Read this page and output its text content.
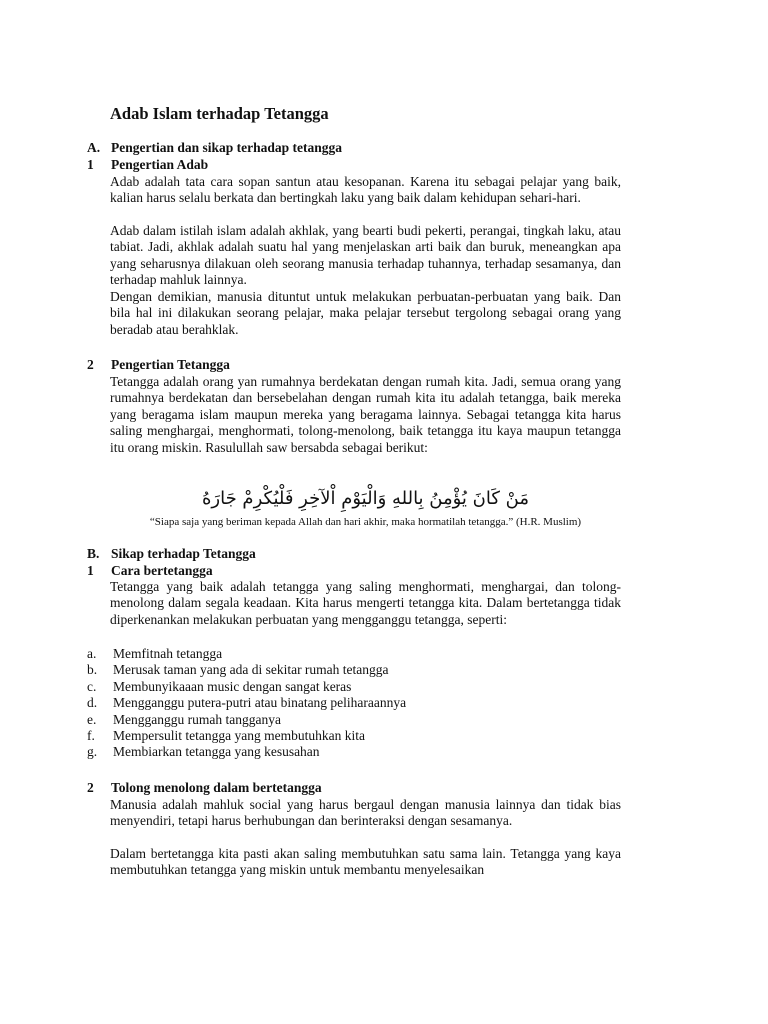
Adab Islam terhadap Tetangga
A. Pengertian dan sikap terhadap tetangga
1 Pengertian Adab

Adab adalah tata cara sopan santun atau kesopanan. Karena itu sebagai pelajar yang baik, kalian harus selalu berkata dan bertingkah laku yang baik dalam kehidupan sehari-hari.

Adab dalam istilah islam adalah akhlak, yang bearti budi pekerti, perangai, tingkah laku, atau tabiat. Jadi, akhlak adalah suatu hal yang menjelaskan arti baik dan buruk, meneangkan apa yang seharusnya dilakuan oleh seorang manusia terhadap tuhannya, terhadap sesamanya, dan terhadap mahluk lainnya.

Dengan demikian, manusia dituntut untuk melakukan perbuatan-perbuatan yang baik. Dan bila hal ini dilakukan seorang pelajar, maka pelajar tersebut tergolong sebagai orang yang beradab atau berahklak.

2 Pengertian Tetangga

Tetangga adalah orang yan rumahnya berdekatan dengan rumah kita. Jadi, semua orang yang rumahnya berdekatan dan bersebelahan dengan rumah kita itu adalah tetangga, baik mereka yang beragama islam maupun mereka yang beragama lainnya. Sebagai tetangga kita harus saling menghargai, menghormati, tolong-menolong, baik tetangga itu kaya maupun tetangga itu orang miskin. Rasulullah saw bersabda sebagai berikut:

مَنْ كَانَ يُؤْمِنُ بِاللهِ وَالْيَوْمِ اْلآخِرِ فَلْيُكْرِمْ جَارَهُ
“Siapa saja yang beriman kepada Allah dan hari akhir, maka hormatilah tetangga.” (H.R. Muslim)
B. Sikap terhadap Tetangga
1 Cara bertetangga

Tetangga yang baik adalah tetangga yang saling menghormati, menghargai, dan tolong-menolong dalam segala keadaan. Kita harus mengerti tetangga kita. Dalam bertetangga tidak diperkenankan melakukan perbuatan yang mengganggu tetangga, seperti:

a. Memfitnah tetangga
b. Merusak taman yang ada di sekitar rumah tetangga
c. Membunyikaaan music dengan sangat keras
d. Mengganggu putera-putri atau binatang peliharaannya
e. Mengganggu rumah tangganya
f. Mempersulit tetangga yang membutuhkan kita
g. Membiarkan tetangga yang kesusahan
2 Tolong menolong dalam bertetangga

Manusia adalah mahluk social yang harus bergaul dengan manusia lainnya dan tidak bias menyendiri, tetapi harus berhubungan dan berinteraksi dengan sesamanya.

Dalam bertetangga kita pasti akan saling membutuhkan satu sama lain. Tetangga yang kaya membutuhkan tetangga yang miskin untuk membantu menyelesaikan
